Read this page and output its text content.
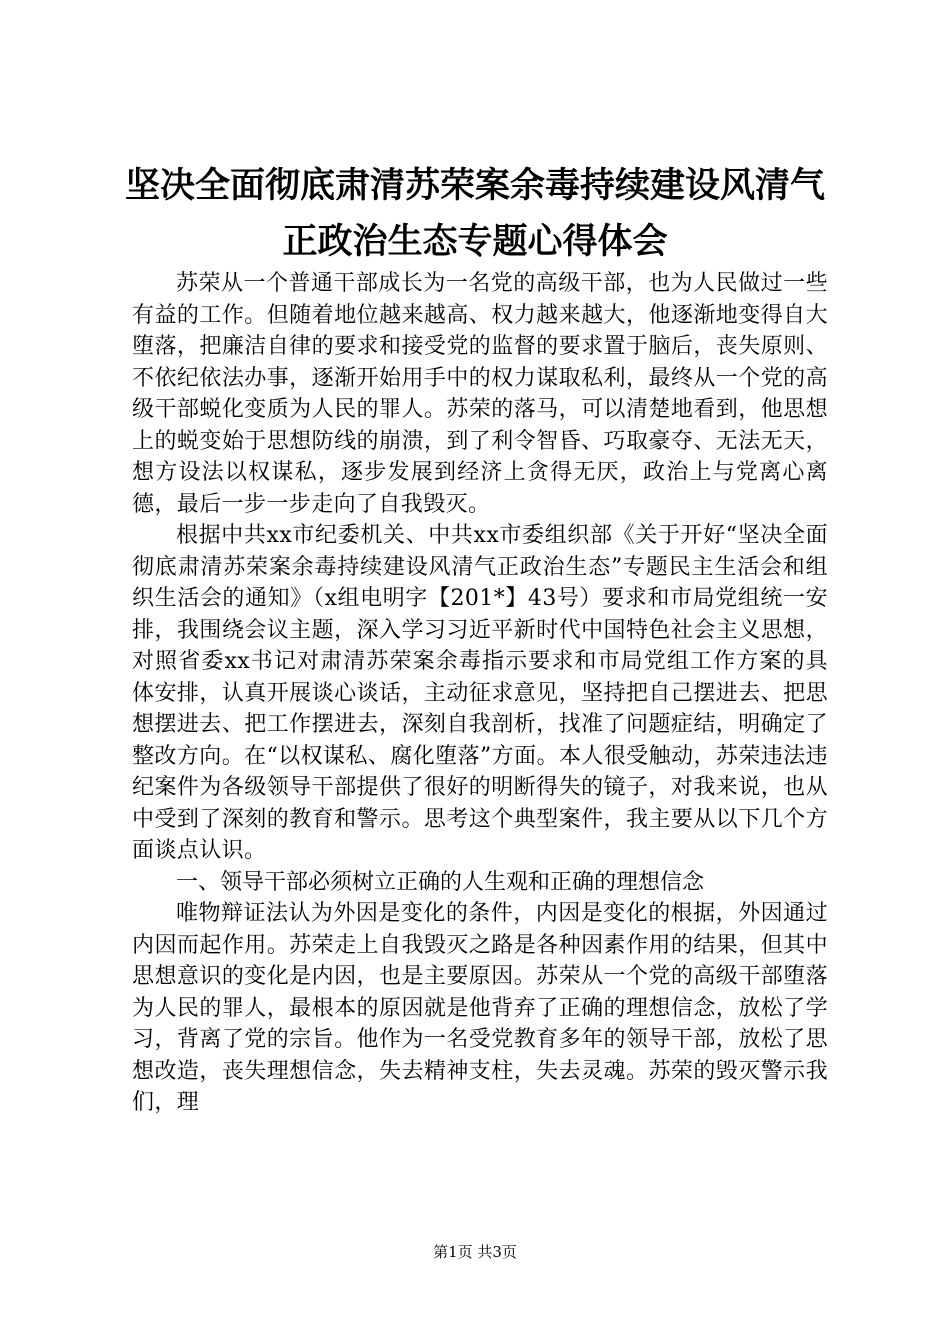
坚决全面彻底肃清苏荣案余毒持续建设风清气
正政治生态专题心得体会

苏荣从一个普通干部成长为一名党的高级干部，也为人民做过一些有益的工作。但随着地位越来越高、权力越来越大，他逐渐地变得自大堕落，把廉洁自律的要求和接受党的监督的要求置于脑后，丧失原则、不依纪依法办事，逐渐开始用手中的权力谋取私利，最终从一个党的高级干部蜕化变质为人民的罪人。苏荣的落马，可以清楚地看到，他思想上的蜕变始于思想防线的崩溃，到了利令智昏、巧取豪夺、无法无天，想方设法以权谋私，逐步发展到经济上贪得无厌，政治上与党离心离德，最后一步一步走向了自我毁灭。

根据中共xx市纪委机关、中共xx市委组织部《关于开好“坚决全面彻底肃清苏荣案余毒持续建设风清气正政治生态”专题民主生活会和组织生活会的通知》（x组电明字【201*】43号）要求和市局党组统一安排，我围绕会议主题，深入学习习近平新时代中国特色社会主义思想，对照省委xx书记对肃清苏荣案余毒指示要求和市局党组工作方案的具体安排，认真开展谈心谈话，主动征求意见，坚持把自己摆进去、把思想摆进去、把工作摆进去，深刻自我剖析，找准了问题症结，明确定了整改方向。在“以权谋私、腐化堕落”方面。本人很受触动，苏荣违法违纪案件为各级领导干部提供了很好的明断得失的镜子，对我来说，也从中受到了深刻的教育和警示。思考这个典型案件，我主要从以下几个方面谈点认识。

一、领导干部必须树立正确的人生观和正确的理想信念

唯物辩证法认为外因是变化的条件，内因是变化的根据，外因通过内因而起作用。苏荣走上自我毁灭之路是各种因素作用的结果，但其中思想意识的变化是内因，也是主要原因。苏荣从一个党的高级干部堕落为人民的罪人，最根本的原因就是他背弃了正确的理想信念，放松了学习，背离了党的宗旨。他作为一名受党教育多年的领导干部，放松了思想改造，丧失理想信念，失去精神支柱，失去灵魂。苏荣的毁灭警示我们，理

第1页 共3页
